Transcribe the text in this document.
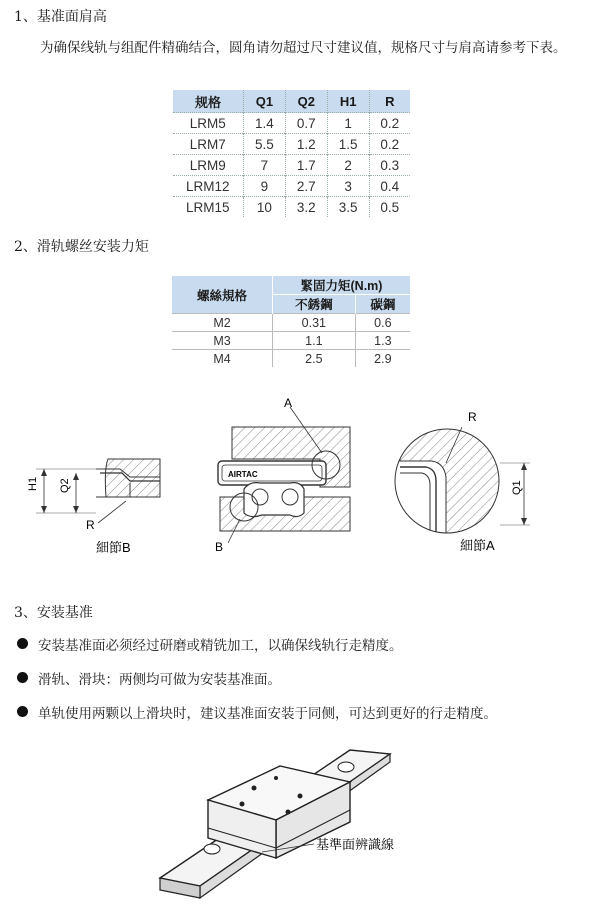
1、基准面肩高
为确保线轨与组配件精确结合，圆角请勿超过尺寸建议值，规格尺寸与肩高请参考下表。
规格	Q1	Q2	H1	R
LRM5	1.4	0.7	1	0.2
LRM7	5.5	1.2	1.5	0.2
LRM9	7	1.7	2	0.3
LRM12	9	2.7	3	0.4
LRM15	10	3.2	3.5	0.5
2、滑轨螺丝安装力矩
螺絲規格	緊固力矩(N.m)	
	不銹鋼	碳鋼
M2	0.31	0.6
M3	1.1	1.3
M4	2.5	2.9
H1 Q2
R
細節B
AIRTAC
A
B
R
Q1
細節A
3、安装基准
安装基准面必须经过研磨或精铣加工，以确保线轨行走精度。
滑轨、滑块：两侧均可做为安装基准面。
单轨使用两颗以上滑块时，建议基准面安装于同侧，可达到更好的行走精度。
基準面辨識線
